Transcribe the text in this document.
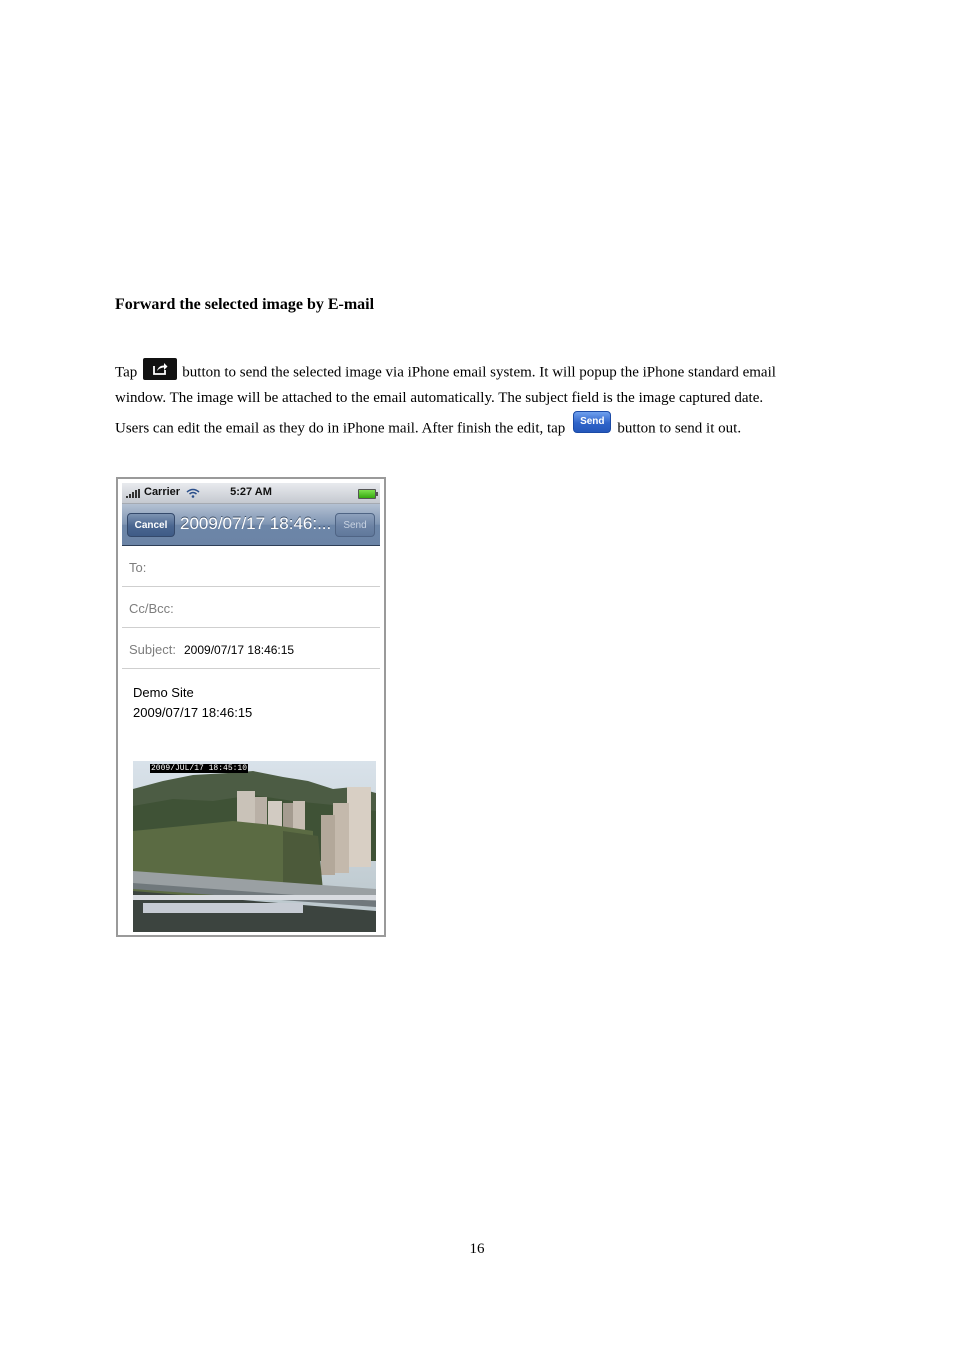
Forward the selected image by E-mail
Tap	button to send the selected image via iPhone email system. It will popup the iPhone standard email
window. The image will be attached to the email automatically. The subject field is the image captured date.
Users can edit the email as they do in iPhone mail. After finish the edit, tap Send button to send it out.
Carrier	5:27 AM
Cancel 2009/07/17 18:46:...	Send
To:
Cc/Bcc:
Subject: 2009/07/17 18:46:15
Demo Site
2009/07/17 18:46:15
2009/JUL/17 18:45:10
16
